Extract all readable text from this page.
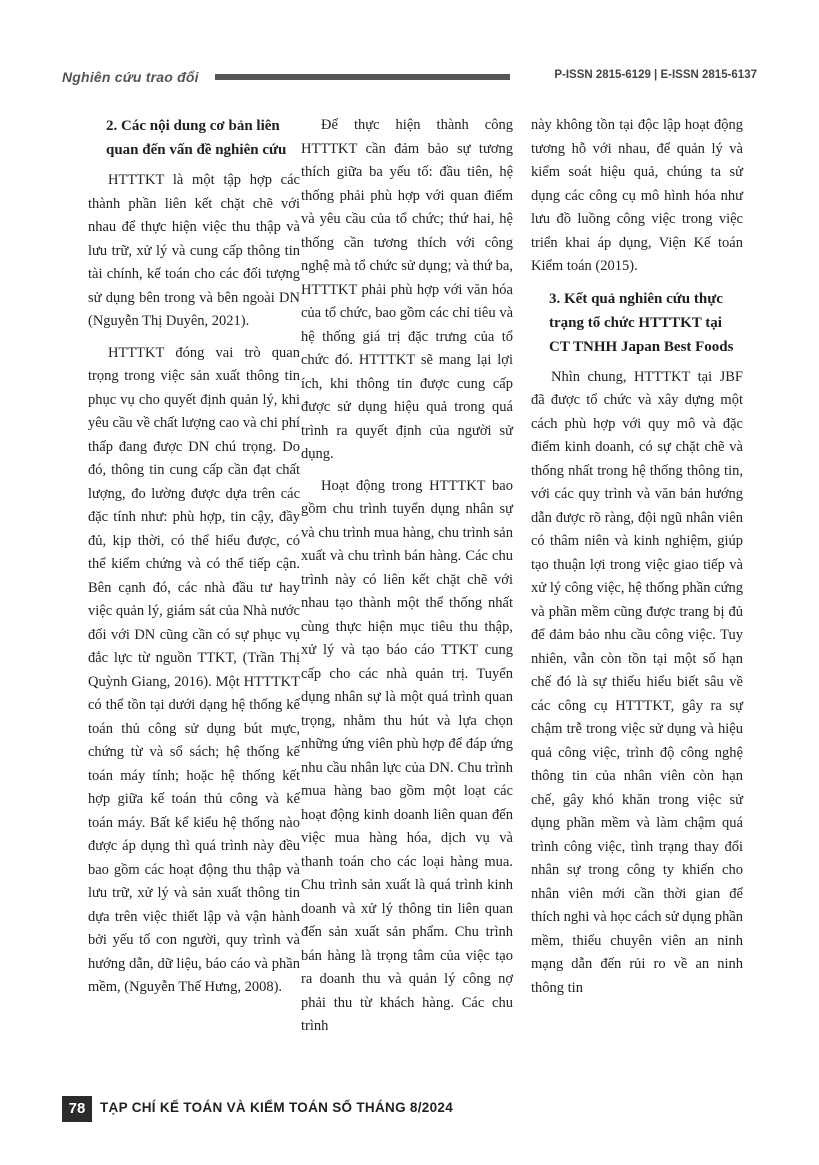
Nghiên cứu trao đổi	P-ISSN 2815-6129 | E-ISSN 2815-6137
2. Các nội dung cơ bản liên quan đến vấn đề nghiên cứu

HTTTKT là một tập hợp các thành phần liên kết chặt chẽ với nhau để thực hiện việc thu thập và lưu trữ, xử lý và cung cấp thông tin tài chính, kế toán cho các đối tượng sử dụng bên trong và bên ngoài DN (Nguyễn Thị Duyên, 2021).

HTTTKT đóng vai trò quan trọng trong việc sản xuất thông tin phục vụ cho quyết định quản lý, khi yêu cầu về chất lượng cao và chi phí thấp đang được DN chú trọng. Do đó, thông tin cung cấp cần đạt chất lượng, đo lường được dựa trên các đặc tính như: phù hợp, tin cậy, đầy đủ, kịp thời, có thể hiểu được, có thể kiểm chứng và có thể tiếp cận. Bên cạnh đó, các nhà đầu tư hay việc quản lý, giám sát của Nhà nước đối với DN cũng cần có sự phục vụ đắc lực từ nguồn TTKT, (Trần Thị Quỳnh Giang, 2016). Một HTTTKT có thể tồn tại dưới dạng hệ thống kế toán thủ công sử dụng bút mực, chứng từ và sổ sách; hệ thống kế toán máy tính; hoặc hệ thống kết hợp giữa kế toán thủ công và kế toán máy. Bất kể kiểu hệ thống nào được áp dụng thì quá trình này đều bao gồm các hoạt động thu thập và lưu trữ, xử lý và sản xuất thông tin dựa trên việc thiết lập và vận hành bởi yếu tố con người, quy trình và hướng dẫn, dữ liệu, báo cáo và phần mềm, (Nguyễn Thế Hưng, 2008).

Để thực hiện thành công HTTTKT cần đảm bảo sự tương thích giữa ba yếu tố: đầu tiên, hệ thống phải phù hợp với quan điểm và yêu cầu của tổ chức; thứ hai, hệ thống cần tương thích với công nghệ mà tổ chức sử dụng; và thứ ba, HTTTKT phải phù hợp với văn hóa của tổ chức, bao gồm các chỉ tiêu và hệ thống giá trị đặc trưng của tổ chức đó. HTTTKT sẽ mang lại lợi ích, khi thông tin được cung cấp được sử dụng hiệu quả trong quá trình ra quyết định của người sử dụng.

Hoạt động trong HTTTKT bao gồm chu trình tuyển dụng nhân sự và chu trình mua hàng, chu trình sản xuất và chu trình bán hàng. Các chu trình này có liên kết chặt chẽ với nhau tạo thành một thể thống nhất cùng thực hiện mục tiêu thu thập, xử lý và tạo báo cáo TTKT cung cấp cho các nhà quản trị. Tuyển dụng nhân sự là một quá trình quan trọng, nhằm thu hút và lựa chọn những ứng viên phù hợp để đáp ứng nhu cầu nhân lực của DN. Chu trình mua hàng bao gồm một loạt các hoạt động kinh doanh liên quan đến việc mua hàng hóa, dịch vụ và thanh toán cho các loại hàng mua. Chu trình sản xuất là quá trình kinh doanh và xử lý thông tin liên quan đến sản xuất sản phẩm. Chu trình bán hàng là trọng tâm của việc tạo ra doanh thu và quản lý công nợ phải thu từ khách hàng. Các chu trình

này không tồn tại độc lập hoạt động tương hỗ với nhau, để quản lý và kiểm soát hiệu quả, chúng ta sử dụng các công cụ mô hình hóa như lưu đồ luồng công việc trong việc triển khai áp dụng, Viện Kế toán Kiểm toán (2015).

3. Kết quả nghiên cứu thực trạng tổ chức HTTTKT tại CT TNHH Japan Best Foods

Nhìn chung, HTTTKT tại JBF đã được tổ chức và xây dựng một cách phù hợp với quy mô và đặc điểm kinh doanh, có sự chặt chẽ và thống nhất trong hệ thống thông tin, với các quy trình và văn bản hướng dẫn được rõ ràng, đội ngũ nhân viên có thâm niên và kinh nghiệm, giúp tạo thuận lợi trong việc giao tiếp và xử lý công việc, hệ thống phần cứng và phần mềm cũng được trang bị đủ để đảm bảo nhu cầu công việc. Tuy nhiên, vẫn còn tồn tại một số hạn chế đó là sự thiếu hiểu biết sâu về các công cụ HTTTKT, gây ra sự chậm trễ trong việc sử dụng và hiệu quả công việc, trình độ công nghệ thông tin của nhân viên còn hạn chế, gây khó khăn trong việc sử dụng phần mềm và làm chậm quá trình công việc, tình trạng thay đổi nhân sự trong công ty khiến cho nhân viên mới cần thời gian để thích nghi và học cách sử dụng phần mềm, thiếu chuyên viên an ninh mạng dẫn đến rủi ro về an ninh thông tin

78	TẠP CHÍ KẾ TOÁN VÀ KIỂM TOÁN SỐ THÁNG 8/2024
